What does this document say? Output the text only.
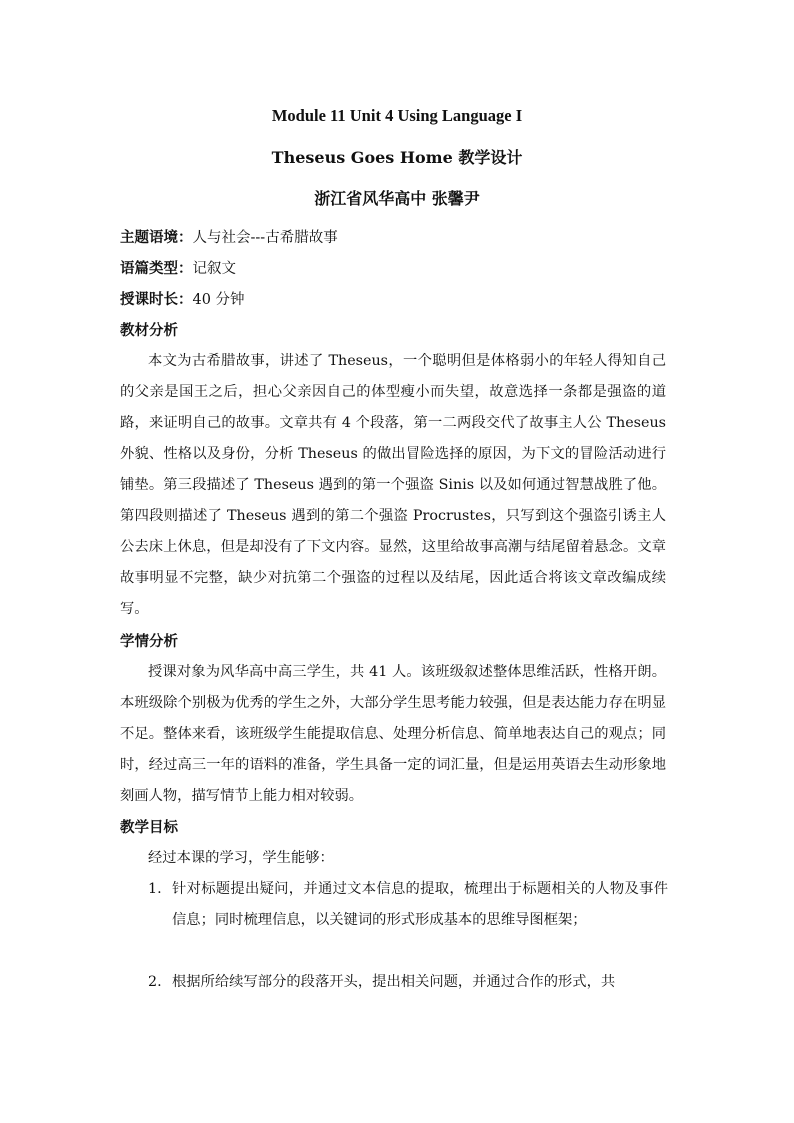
Module 11 Unit 4 Using Language I
Theseus Goes Home 教学设计
浙江省风华高中 张馨尹
主题语境：人与社会---古希腊故事
语篇类型：记叙文
授课时长：40 分钟
教材分析
本文为古希腊故事，讲述了 Theseus，一个聪明但是体格弱小的年轻人得知自己的父亲是国王之后，担心父亲因自己的体型瘦小而失望，故意选择一条都是强盗的道路，来证明自己的故事。文章共有 4 个段落，第一二两段交代了故事主人公 Theseus 外貌、性格以及身份，分析 Theseus 的做出冒险选择的原因，为下文的冒险活动进行铺垫。第三段描述了 Theseus 遇到的第一个强盗 Sinis 以及如何通过智慧战胜了他。第四段则描述了 Theseus 遇到的第二个强盗 Procrustes，只写到这个强盗引诱主人公去床上休息，但是却没有了下文内容。显然，这里给故事高潮与结尾留着悬念。文章故事明显不完整，缺少对抗第二个强盗的过程以及结尾，因此适合将该文章改编成续写。
学情分析
授课对象为风华高中高三学生，共 41 人。该班级叙述整体思维活跃，性格开朗。本班级除个别极为优秀的学生之外，大部分学生思考能力较强，但是表达能力存在明显不足。整体来看，该班级学生能提取信息、处理分析信息、简单地表达自己的观点；同时，经过高三一年的语料的准备，学生具备一定的词汇量，但是运用英语去生动形象地刻画人物，描写情节上能力相对较弱。
教学目标
经过本课的学习，学生能够：
1. 针对标题提出疑问，并通过文本信息的提取，梳理出于标题相关的人物及事件信息；同时梳理信息，以关键词的形式形成基本的思维导图框架；
2. 根据所给续写部分的段落开头，提出相关问题，并通过合作的形式，共
